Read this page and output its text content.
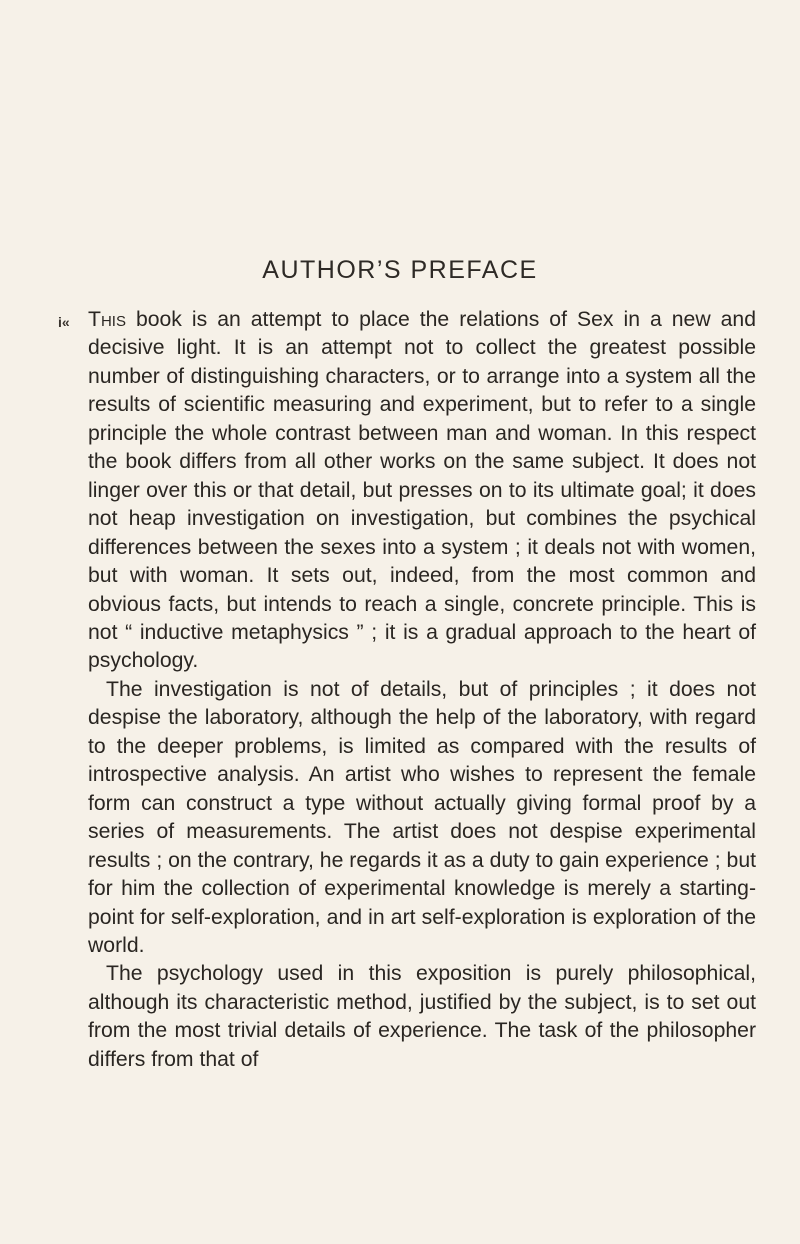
i«
AUTHOR’S PREFACE

This book is an attempt to place the relations of Sex in a new and decisive light. It is an attempt not to collect the greatest possible number of distinguishing characters, or to arrange into a system all the results of scientific measuring and experiment, but to refer to a single principle the whole contrast between man and woman. In this respect the book differs from all other works on the same subject. It does not linger over this or that detail, but presses on to its ultimate goal; it does not heap investigation on investigation, but combines the psychical differences between the sexes into a system ; it deals not with women, but with woman. It sets out, indeed, from the most common and obvious facts, but intends to reach a single, concrete principle. This is not “ inductive metaphysics ” ; it is a gradual approach to the heart of psychology.

The investigation is not of details, but of principles ; it does not despise the laboratory, although the help of the laboratory, with regard to the deeper problems, is limited as compared with the results of introspective analysis. An artist who wishes to represent the female form can construct a type without actually giving formal proof by a series of measurements. The artist does not despise experimental results ; on the contrary, he regards it as a duty to gain experience ; but for him the collection of experimental knowledge is merely a starting-point for self-exploration, and in art self-exploration is exploration of the world.

The psychology used in this exposition is purely philosophical, although its characteristic method, justified by the subject, is to set out from the most trivial details of experience. The task of the philosopher differs from that of
